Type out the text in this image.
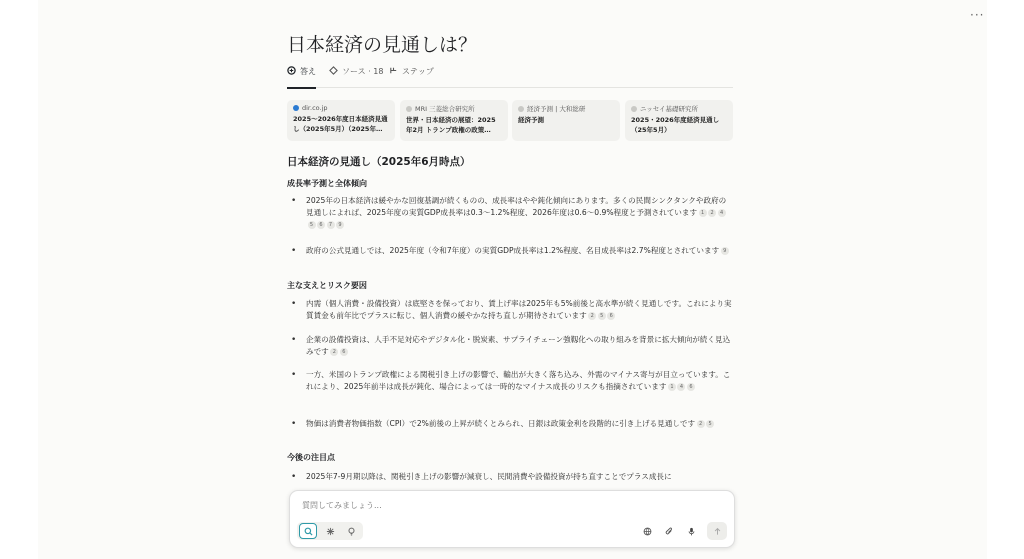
···
日本経済の見通しは？
答え	ソース · 18 ステップ
dir.co.jp
2025〜2026年度日本経済見通し（2025年5月）（2025年…
MRI 三菱総合研究所
世界・日本経済の展望：2025年2月 トランプ政権の政策…
経済予測 | 大和総研
経済予測
ニッセイ基礎研究所
2025・2026年度経済見通し（25年5月）
日本経済の見通し（2025年6月時点）
成長率予測と全体傾向
• 2025年の日本経済は緩やかな回復基調が続くものの、成長率はやや鈍化傾向にあります。多くの民間シンクタンクや政府の見通しによれば、2025年度の実質GDP成長率は0.3〜1.2%程度、2026年度は0.6〜0.9%程度と予測されています 1 2 45 6 7 9
• 政府の公式見通しでは、2025年度（令和7年度）の実質GDP成長率は1.2%程度、名目成長率は2.7%程度とされています 9
主な支えとリスク要因
• 内需（個人消費・設備投資）は底堅さを保っており、賃上げ率は2025年も5%前後と高水準が続く見通しです。これにより実質賃金も前年比でプラスに転じ、個人消費の緩やかな持ち直しが期待されています 2 5 6
• 企業の設備投資は、人手不足対応やデジタル化・脱炭素、サプライチェーン強靱化への取り組みを背景に拡大傾向が続く見込みです 2 6
• 一方、米国のトランプ政権による関税引き上げの影響で、輸出が大きく落ち込み、外需のマイナス寄与が目立っています。これにより、2025年前半は成長が鈍化、場合によっては一時的なマイナス成長のリスクも指摘されています 1 4 6
• 物価は消費者物価指数（CPI）で2%前後の上昇が続くとみられ、日銀は政策金利を段階的に引き上げる見通しです 2 5
今後の注目点
• 2025年7-9月期以降は、関税引き上げの影響が減衰し、民間消費や設備投資が持ち直すことでプラス成長に
質問してみましょう...
